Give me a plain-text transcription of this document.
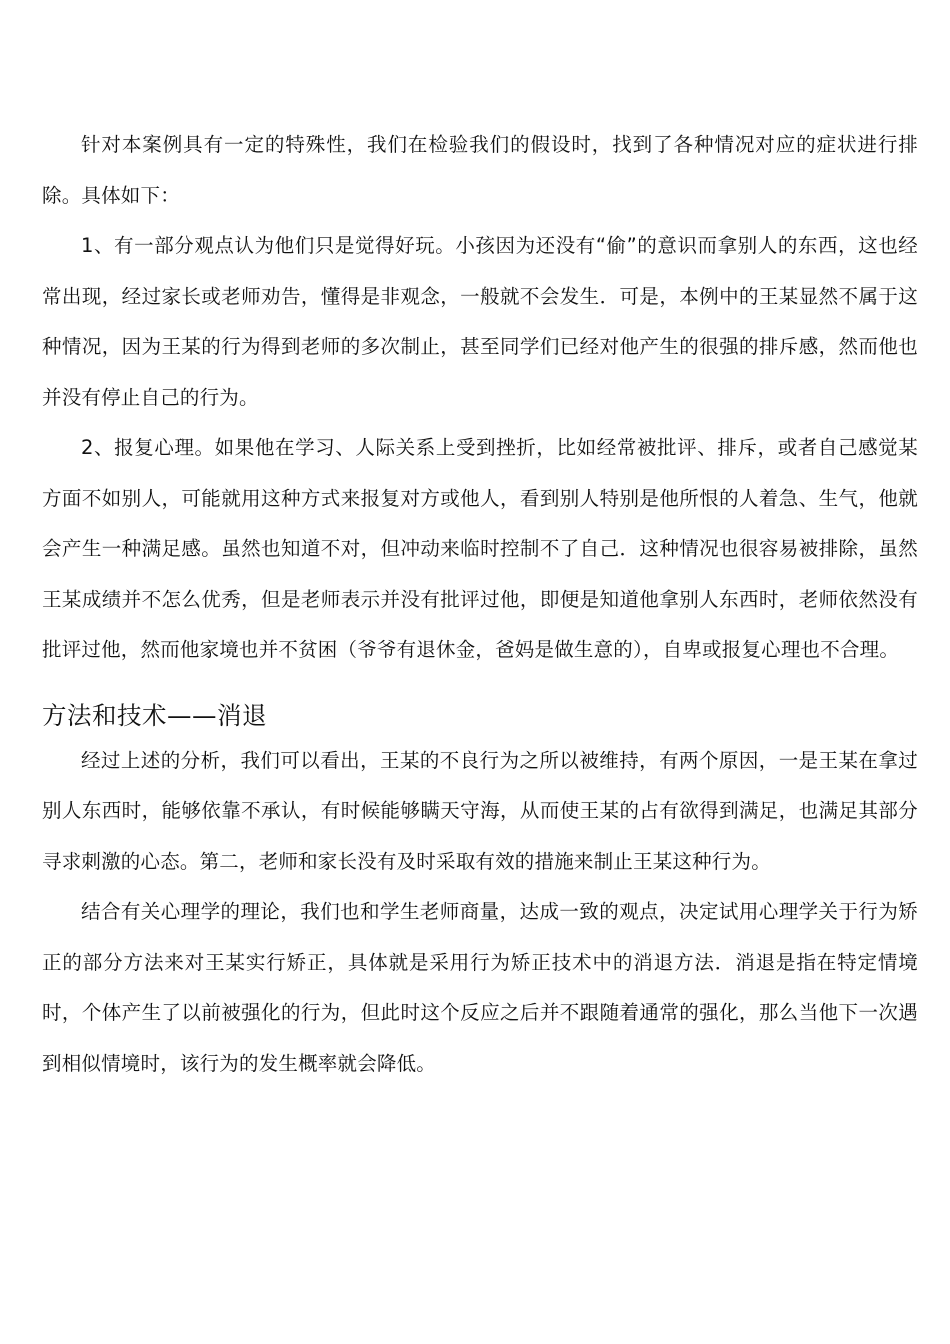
针对本案例具有一定的特殊性，我们在检验我们的假设时，找到了各种情况对应的症状进行排除。具体如下：

1、有一部分观点认为他们只是觉得好玩。小孩因为还没有“偷”的意识而拿别人的东西，这也经常出现，经过家长或老师劝告，懂得是非观念，一般就不会发生．可是，本例中的王某显然不属于这种情况，因为王某的行为得到老师的多次制止，甚至同学们已经对他产生的很强的排斥感，然而他也并没有停止自己的行为。

2、报复心理。如果他在学习、人际关系上受到挫折，比如经常被批评、排斥，或者自己感觉某方面不如别人，可能就用这种方式来报复对方或他人，看到别人特别是他所恨的人着急、生气，他就会产生一种满足感。虽然也知道不对，但冲动来临时控制不了自己．这种情况也很容易被排除，虽然王某成绩并不怎么优秀，但是老师表示并没有批评过他，即便是知道他拿别人东西时，老师依然没有批评过他，然而他家境也并不贫困（爷爷有退休金，爸妈是做生意的），自卑或报复心理也不合理。

方法和技术——消退

经过上述的分析，我们可以看出，王某的不良行为之所以被维持，有两个原因，一是王某在拿过别人东西时，能够依靠不承认，有时候能够瞒天守海，从而使王某的占有欲得到满足，也满足其部分寻求刺激的心态。第二，老师和家长没有及时采取有效的措施来制止王某这种行为。

结合有关心理学的理论，我们也和学生老师商量，达成一致的观点，决定试用心理学关于行为矫正的部分方法来对王某实行矫正，具体就是采用行为矫正技术中的消退方法．消退是指在特定情境时，个体产生了以前被强化的行为，但此时这个反应之后并不跟随着通常的强化，那么当他下一次遇到相似情境时，该行为的发生概率就会降低。
